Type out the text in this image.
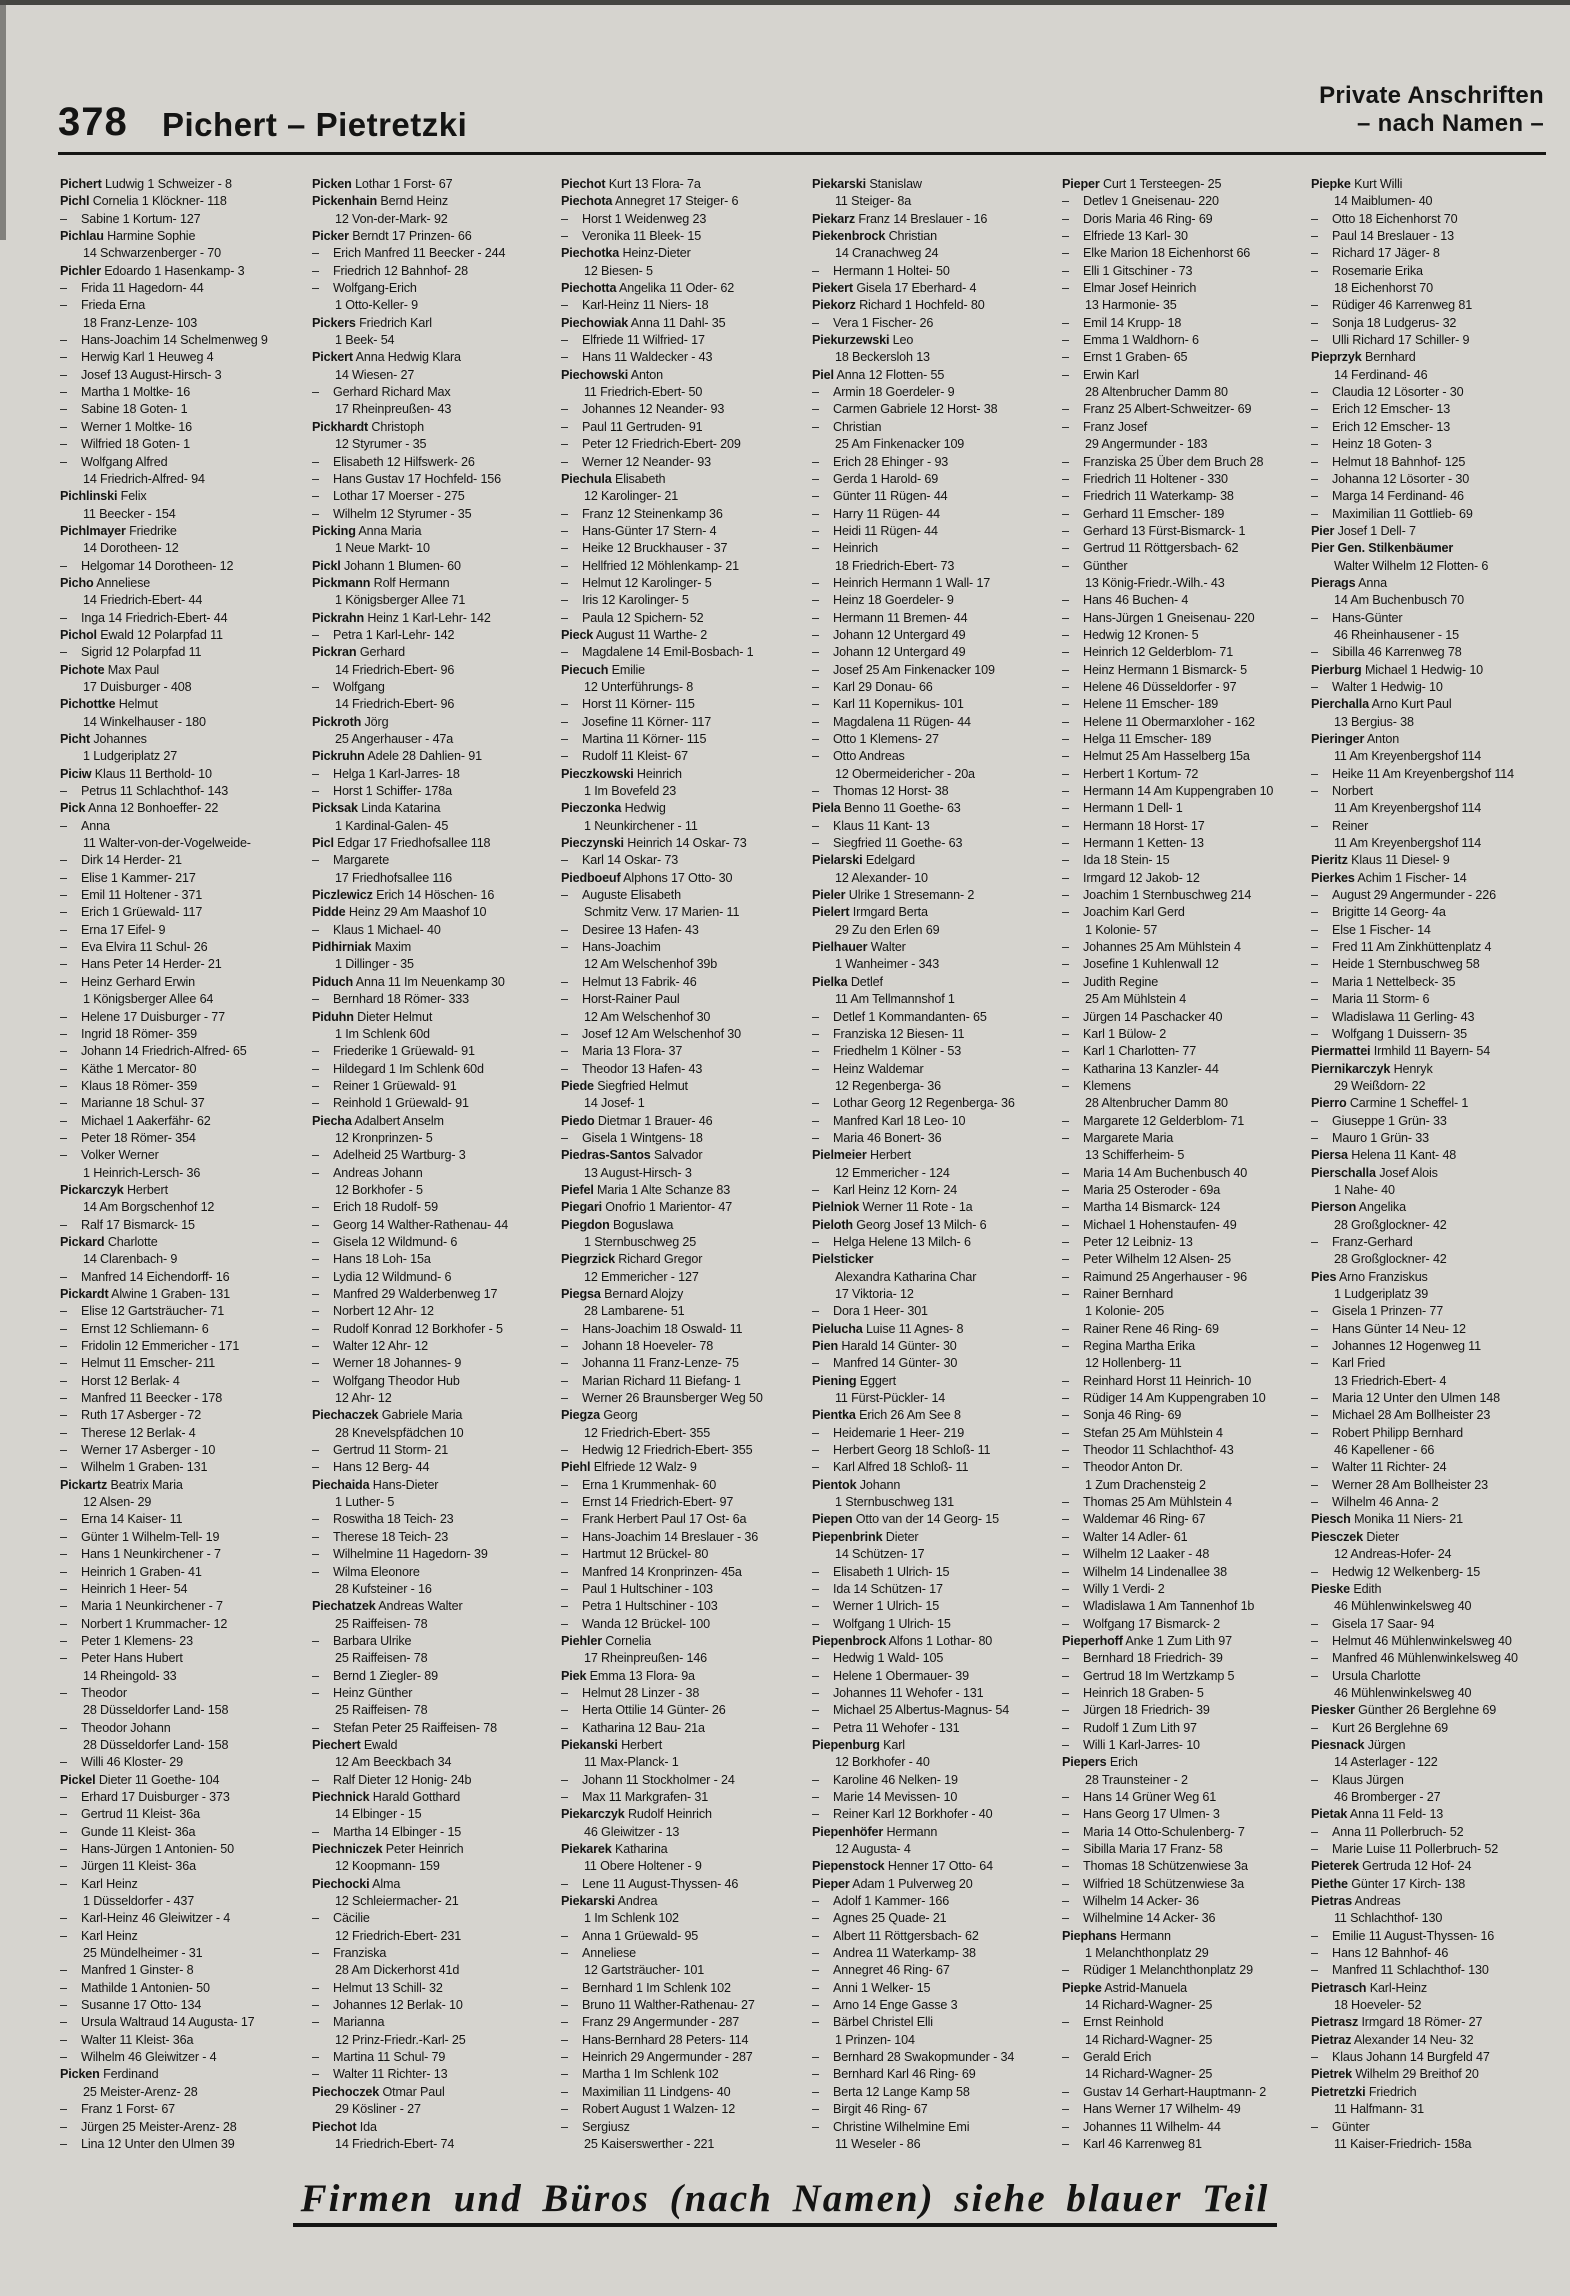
378 Pichert – Pietretzki
Private Anschriften
– nach Namen –
Pichert Ludwig 1 Schweizer - 8
Pichl Cornelia 1 Klöckner- 118
–	Sabine 1 Kortum- 127
Pichlau Harmine Sophie
14 Schwarzenberger - 70
Pichler Edoardo 1 Hasenkamp- 3
–	Frida 11 Hagedorn- 44
–	Frieda Erna
18 Franz-Lenze- 103
–	Hans-Joachim 14 Schelmenweg 9
–	Herwig Karl 1 Heuweg 4
–	Josef 13 August-Hirsch- 3
–	Martha 1 Moltke- 16
–	Sabine 18 Goten- 1
–	Werner 1 Moltke- 16
–	Wilfried 18 Goten- 1
–	Wolfgang Alfred
14 Friedrich-Alfred- 94
Pichlinski Felix
11 Beecker - 154
Pichlmayer Friedrike
14 Dorotheen- 12
–	Helgomar 14 Dorotheen- 12
Picho Anneliese
14 Friedrich-Ebert- 44
–	Inga 14 Friedrich-Ebert- 44
Pichol Ewald 12 Polarpfad 11
–	Sigrid 12 Polarpfad 11
Pichote Max Paul
17 Duisburger - 408
Pichottke Helmut
14 Winkelhauser - 180
Picht Johannes
1 Ludgeriplatz 27
Piciw Klaus 11 Berthold- 10
–	Petrus 11 Schlachthof- 143
Pick Anna 12 Bonhoeffer- 22
–	Anna
11 Walter-von-der-Vogelweide-
–	Dirk 14 Herder- 21
–	Elise 1 Kammer- 217
–	Emil 11 Holtener - 371
–	Erich 1 Grüewald- 117
–	Erna 17 Eifel- 9
–	Eva Elvira 11 Schul- 26
–	Hans Peter 14 Herder- 21
–	Heinz Gerhard Erwin
1 Königsberger Allee 64
–	Helene 17 Duisburger - 77
–	Ingrid 18 Römer- 359
–	Johann 14 Friedrich-Alfred- 65
–	Käthe 1 Mercator- 80
–	Klaus 18 Römer- 359
–	Marianne 18 Schul- 37
–	Michael 1 Aakerfähr- 62
–	Peter 18 Römer- 354
–	Volker Werner
1 Heinrich-Lersch- 36
Pickarczyk Herbert
14 Am Borgschenhof 12
–	Ralf 17 Bismarck- 15
Pickard Charlotte
14 Clarenbach- 9
–	Manfred 14 Eichendorff- 16
Pickardt Alwine 1 Graben- 131
–	Elise 12 Gartsträucher- 71
–	Ernst 12 Schliemann- 6
–	Fridolin 12 Emmericher - 171
–	Helmut 11 Emscher- 211
–	Horst 12 Berlak- 4
–	Manfred 11 Beecker - 178
–	Ruth 17 Asberger - 72
–	Therese 12 Berlak- 4
–	Werner 17 Asberger - 10
–	Wilhelm 1 Graben- 131
Pickartz Beatrix Maria
12 Alsen- 29
–	Erna 14 Kaiser- 11
–	Günter 1 Wilhelm-Tell- 19
–	Hans 1 Neunkirchener - 7
–	Heinrich 1 Graben- 41
–	Heinrich 1 Heer- 54
–	Maria 1 Neunkirchener - 7
–	Norbert 1 Krummacher- 12
–	Peter 1 Klemens- 23
–	Peter Hans Hubert
14 Rheingold- 33
–	Theodor
28 Düsseldorfer Land- 158
–	Theodor Johann
28 Düsseldorfer Land- 158
–	Willi 46 Kloster- 29
Pickel Dieter 11 Goethe- 104
–	Erhard 17 Duisburger - 373
–	Gertrud 11 Kleist- 36a
–	Gunde 11 Kleist- 36a
–	Hans-Jürgen 1 Antonien- 50
–	Jürgen 11 Kleist- 36a
–	Karl Heinz
1 Düsseldorfer - 437
–	Karl-Heinz 46 Gleiwitzer - 4
–	Karl Heinz
25 Mündelheimer - 31
–	Manfred 1 Ginster- 8
–	Mathilde 1 Antonien- 50
–	Susanne 17 Otto- 134
–	Ursula Waltraud 14 Augusta- 17
–	Walter 11 Kleist- 36a
–	Wilhelm 46 Gleiwitzer - 4
Picken Ferdinand
25 Meister-Arenz- 28
–	Franz 1 Forst- 67
–	Jürgen 25 Meister-Arenz- 28
–	Lina 12 Unter den Ulmen 39
Picken Lothar 1 Forst- 67
Pickenhain Bernd Heinz
12 Von-der-Mark- 92
Picker Berndt 17 Prinzen- 66
–	Erich Manfred 11 Beecker - 244
–	Friedrich 12 Bahnhof- 28
–	Wolfgang-Erich
1 Otto-Keller- 9
Pickers Friedrich Karl
1 Beek- 54
Pickert Anna Hedwig Klara
14 Wiesen- 27
–	Gerhard Richard Max
17 Rheinpreußen- 43
Pickhardt Christoph
12 Styrumer - 35
–	Elisabeth 12 Hilfswerk- 26
–	Hans Gustav 17 Hochfeld- 156
–	Lothar 17 Moerser - 275
–	Wilhelm 12 Styrumer - 35
Picking Anna Maria
1 Neue Markt- 10
Pickl Johann 1 Blumen- 60
Pickmann Rolf Hermann
1 Königsberger Allee 71
Pickrahn Heinz 1 Karl-Lehr- 142
–	Petra 1 Karl-Lehr- 142
Pickran Gerhard
14 Friedrich-Ebert- 96
–	Wolfgang
14 Friedrich-Ebert- 96
Pickroth Jörg
25 Angerhauser - 47a
Pickruhn Adele 28 Dahlien- 91
–	Helga 1 Karl-Jarres- 18
–	Horst 1 Schiffer- 178a
Picksak Linda Katarina
1 Kardinal-Galen- 45
Picl Edgar 17 Friedhofsallee 118
–	Margarete
17 Friedhofsallee 116
Piczlewicz Erich 14 Höschen- 16
Pidde Heinz 29 Am Maashof 10
–	Klaus 1 Michael- 40
Pidhirniak Maxim
1 Dillinger - 35
Piduch Anna 11 Im Neuenkamp 30
–	Bernhard 18 Römer- 333
Piduhn Dieter Helmut
1 Im Schlenk 60d
–	Friederike 1 Grüewald- 91
–	Hildegard 1 Im Schlenk 60d
–	Reiner 1 Grüewald- 91
–	Reinhold 1 Grüewald- 91
Piecha Adalbert Anselm
12 Kronprinzen- 5
–	Adelheid 25 Wartburg- 3
–	Andreas Johann
12 Borkhofer - 5
–	Erich 18 Rudolf- 59
–	Georg 14 Walther-Rathenau- 44
–	Gisela 12 Wildmund- 6
–	Hans 18 Loh- 15a
–	Lydia 12 Wildmund- 6
–	Manfred 29 Walderbenweg 17
–	Norbert 12 Ahr- 12
–	Rudolf Konrad 12 Borkhofer - 5
–	Walter 12 Ahr- 12
–	Werner 18 Johannes- 9
–	Wolfgang Theodor Hub
12 Ahr- 12
Piechaczek Gabriele Maria
28 Knevelspfädchen 10
–	Gertrud 11 Storm- 21
–	Hans 12 Berg- 44
Piechaida Hans-Dieter
1 Luther- 5
–	Roswitha 18 Teich- 23
–	Therese 18 Teich- 23
–	Wilhelmine 11 Hagedorn- 39
–	Wilma Eleonore
28 Kufsteiner - 16
Piechatzek Andreas Walter
25 Raiffeisen- 78
–	Barbara Ulrike
25 Raiffeisen- 78
–	Bernd 1 Ziegler- 89
–	Heinz Günther
25 Raiffeisen- 78
–	Stefan Peter 25 Raiffeisen- 78
Piechert Ewald
12 Am Beeckbach 34
–	Ralf Dieter 12 Honig- 24b
Piechnick Harald Gotthard
14 Elbinger - 15
–	Martha 14 Elbinger - 15
Piechniczek Peter Heinrich
12 Koopmann- 159
Piechocki Alma
12 Schleiermacher- 21
–	Cäcilie
12 Friedrich-Ebert- 231
–	Franziska
28 Am Dickerhorst 41d
–	Helmut 13 Schill- 32
–	Johannes 12 Berlak- 10
–	Marianna
12 Prinz-Friedr.-Karl- 25
–	Martina 11 Schul- 79
–	Walter 11 Richter- 13
Piechoczek Otmar Paul
29 Kösliner - 27
Piechot Ida
14 Friedrich-Ebert- 74
Piechot Kurt 13 Flora- 7a
Piechota Annegret 17 Steiger- 6
–	Horst 1 Weidenweg 23
–	Veronika 11 Bleek- 15
Piechotka Heinz-Dieter
12 Biesen- 5
Piechotta Angelika 11 Oder- 62
–	Karl-Heinz 11 Niers- 18
Piechowiak Anna 11 Dahl- 35
–	Elfriede 11 Wilfried- 17
–	Hans 11 Waldecker - 43
Piechowski Anton
11 Friedrich-Ebert- 50
–	Johannes 12 Neander- 93
–	Paul 11 Gertruden- 91
–	Peter 12 Friedrich-Ebert- 209
–	Werner 12 Neander- 93
Piechula Elisabeth
12 Karolinger- 21
–	Franz 12 Steinenkamp 36
–	Hans-Günter 17 Stern- 4
–	Heike 12 Bruckhauser - 37
–	Hellfried 12 Möhlenkamp- 21
–	Helmut 12 Karolinger- 5
–	Iris 12 Karolinger- 5
–	Paula 12 Spichern- 52
Pieck August 11 Warthe- 2
–	Magdalene 14 Emil-Bosbach- 1
Piecuch Emilie
12 Unterführungs- 8
–	Horst 11 Körner- 115
–	Josefine 11 Körner- 117
–	Martina 11 Körner- 115
–	Rudolf 11 Kleist- 67
Pieczkowski Heinrich
1 Im Bovefeld 23
Pieczonka Hedwig
1 Neunkirchener - 11
Pieczynski Heinrich 14 Oskar- 73
–	Karl 14 Oskar- 73
Piedboeuf Alphons 17 Otto- 30
–	Auguste Elisabeth
Schmitz Verw. 17 Marien- 11
–	Desiree 13 Hafen- 43
–	Hans-Joachim
12 Am Welschenhof 39b
–	Helmut 13 Fabrik- 46
–	Horst-Rainer Paul
12 Am Welschenhof 30
–	Josef 12 Am Welschenhof 30
–	Maria 13 Flora- 37
–	Theodor 13 Hafen- 43
Piede Siegfried Helmut
14 Josef- 1
Piedo Dietmar 1 Brauer- 46
–	Gisela 1 Wintgens- 18
Piedras-Santos Salvador
13 August-Hirsch- 3
Piefel Maria 1 Alte Schanze 83
Piegari Onofrio 1 Marientor- 47
Piegdon Boguslawa
1 Sternbuschweg 25
Piegrzick Richard Gregor
12 Emmericher - 127
Piegsa Bernard Alojzy
28 Lambarene- 51
–	Hans-Joachim 18 Oswald- 11
–	Johann 18 Hoeveler- 78
–	Johanna 11 Franz-Lenze- 75
–	Marian Richard 11 Biefang- 1
–	Werner 26 Braunsberger Weg 50
Piegza Georg
12 Friedrich-Ebert- 355
–	Hedwig 12 Friedrich-Ebert- 355
Piehl Elfriede 12 Walz- 9
–	Erna 1 Krummenhak- 60
–	Ernst 14 Friedrich-Ebert- 97
–	Frank Herbert Paul 17 Ost- 6a
–	Hans-Joachim 14 Breslauer - 36
–	Hartmut 12 Brückel- 80
–	Manfred 14 Kronprinzen- 45a
–	Paul 1 Hultschiner - 103
–	Petra 1 Hultschiner - 103
–	Wanda 12 Brückel- 100
Piehler Cornelia
17 Rheinpreußen- 146
Piek Emma 13 Flora- 9a
–	Helmut 28 Linzer - 38
–	Herta Ottilie 14 Günter- 26
–	Katharina 12 Bau- 21a
Piekanski Herbert
11 Max-Planck- 1
–	Johann 11 Stockholmer - 24
–	Max 11 Markgrafen- 31
Piekarczyk Rudolf Heinrich
46 Gleiwitzer - 13
Piekarek Katharina
11 Obere Holtener - 9
–	Lene 11 August-Thyssen- 46
Piekarski Andrea
1 Im Schlenk 102
–	Anna 1 Grüewald- 95
–	Anneliese
12 Gartsträucher- 101
–	Bernhard 1 Im Schlenk 102
–	Bruno 11 Walther-Rathenau- 27
–	Franz 29 Angermunder - 287
–	Hans-Bernhard 28 Peters- 114
–	Heinrich 29 Angermunder - 287
–	Martha 1 Im Schlenk 102
–	Maximilian 11 Lindgens- 40
–	Robert August 1 Walzen- 12
–	Sergiusz
25 Kaiserswerther - 221
Piekarski Stanislaw
11 Steiger- 8a
Piekarz Franz 14 Breslauer - 16
Piekenbrock Christian
14 Cranachweg 24
–	Hermann 1 Holtei- 50
Piekert Gisela 17 Eberhard- 4
Piekorz Richard 1 Hochfeld- 80
–	Vera 1 Fischer- 26
Piekurzewski Leo
18 Beckersloh 13
Piel Anna 12 Flotten- 55
–	Armin 18 Goerdeler- 9
–	Carmen Gabriele 12 Horst- 38
–	Christian
25 Am Finkenacker 109
–	Erich 28 Ehinger - 93
–	Gerda 1 Harold- 69
–	Günter 11 Rügen- 44
–	Harry 11 Rügen- 44
–	Heidi 11 Rügen- 44
–	Heinrich
18 Friedrich-Ebert- 73
–	Heinrich Hermann 1 Wall- 17
–	Heinz 18 Goerdeler- 9
–	Hermann 11 Bremen- 44
–	Johann 12 Untergard 49
–	Johann 12 Untergard 49
–	Josef 25 Am Finkenacker 109
–	Karl 29 Donau- 66
–	Karl 11 Kopernikus- 101
–	Magdalena 11 Rügen- 44
–	Otto 1 Klemens- 27
–	Otto Andreas
12 Obermeidericher - 20a
–	Thomas 12 Horst- 38
Piela Benno 11 Goethe- 63
–	Klaus 11 Kant- 13
–	Siegfried 11 Goethe- 63
Pielarski Edelgard
12 Alexander- 10
Pieler Ulrike 1 Stresemann- 2
Pielert Irmgard Berta
29 Zu den Erlen 69
Pielhauer Walter
1 Wanheimer - 343
Pielka Detlef
11 Am Tellmannshof 1
–	Detlef 1 Kommandanten- 65
–	Franziska 12 Biesen- 11
–	Friedhelm 1 Kölner - 53
–	Heinz Waldemar
12 Regenberga- 36
–	Lothar Georg 12 Regenberga- 36
–	Manfred Karl 18 Leo- 10
–	Maria 46 Bonert- 36
Pielmeier Herbert
12 Emmericher - 124
–	Karl Heinz 12 Korn- 24
Pielniok Werner 11 Rote - 1a
Pieloth Georg Josef 13 Milch- 6
–	Helga Helene 13 Milch- 6
Pielsticker
Alexandra Katharina Char
17 Viktoria- 12
–	Dora 1 Heer- 301
Pielucha Luise 11 Agnes- 8
Pien Harald 14 Günter- 30
–	Manfred 14 Günter- 30
Piening Eggert
11 Fürst-Pückler- 14
Pientka Erich 26 Am See 8
–	Heidemarie 1 Heer- 219
–	Herbert Georg 18 Schloß- 11
–	Karl Alfred 18 Schloß- 11
Pientok Johann
1 Sternbuschweg 131
Piepen Otto van der 14 Georg- 15
Piepenbrink Dieter
14 Schützen- 17
–	Elisabeth 1 Ulrich- 15
–	Ida 14 Schützen- 17
–	Werner 1 Ulrich- 15
–	Wolfgang 1 Ulrich- 15
Piepenbrock Alfons 1 Lothar- 80
–	Hedwig 1 Wald- 105
–	Helene 1 Obermauer- 39
–	Johannes 11 Wehofer - 131
–	Michael 25 Albertus-Magnus- 54
–	Petra 11 Wehofer - 131
Piepenburg Karl
12 Borkhofer - 40
–	Karoline 46 Nelken- 19
–	Marie 14 Mevissen- 10
–	Reiner Karl 12 Borkhofer - 40
Piepenhöfer Hermann
12 Augusta- 4
Piepenstock Henner 17 Otto- 64
Pieper Adam 1 Pulverweg 20
–	Adolf 1 Kammer- 166
–	Agnes 25 Quade- 21
–	Albert 11 Röttgersbach- 62
–	Andrea 11 Waterkamp- 38
–	Annegret 46 Ring- 67
–	Anni 1 Welker- 15
–	Arno 14 Enge Gasse 3
–	Bärbel Christel Elli
1 Prinzen- 104
–	Bernhard 28 Swakopmunder - 34
–	Bernhard Karl 46 Ring- 69
–	Berta 12 Lange Kamp 58
–	Birgit 46 Ring- 67
–	Christine Wilhelmine Emi
11 Weseler - 86
Pieper Curt 1 Tersteegen- 25
–	Detlev 1 Gneisenau- 220
–	Doris Maria 46 Ring- 69
–	Elfriede 13 Karl- 30
–	Elke Marion 18 Eichenhorst 66
–	Elli 1 Gitschiner - 73
–	Elmar Josef Heinrich
13 Harmonie- 35
–	Emil 14 Krupp- 18
–	Emma 1 Waldhorn- 6
–	Ernst 1 Graben- 65
–	Erwin Karl
28 Altenbrucher Damm 80
–	Franz 25 Albert-Schweitzer- 69
–	Franz Josef
29 Angermunder - 183
–	Franziska 25 Über dem Bruch 28
–	Friedrich 11 Holtener - 330
–	Friedrich 11 Waterkamp- 38
–	Gerhard 11 Emscher- 189
–	Gerhard 13 Fürst-Bismarck- 1
–	Gertrud 11 Röttgersbach- 62
–	Günther
13 König-Friedr.-Wilh.- 43
–	Hans 46 Buchen- 4
–	Hans-Jürgen 1 Gneisenau- 220
–	Hedwig 12 Kronen- 5
–	Heinrich 12 Gelderblom- 71
–	Heinz Hermann 1 Bismarck- 5
–	Helene 46 Düsseldorfer - 97
–	Helene 11 Emscher- 189
–	Helene 11 Obermarxloher - 162
–	Helga 11 Emscher- 189
–	Helmut 25 Am Hasselberg 15a
–	Herbert 1 Kortum- 72
–	Hermann 14 Am Kuppengraben 10
–	Hermann 1 Dell- 1
–	Hermann 18 Horst- 17
–	Hermann 1 Ketten- 13
–	Ida 18 Stein- 15
–	Irmgard 12 Jakob- 12
–	Joachim 1 Sternbuschweg 214
–	Joachim Karl Gerd
1 Kolonie- 57
–	Johannes 25 Am Mühlstein 4
–	Josefine 1 Kuhlenwall 12
–	Judith Regine
25 Am Mühlstein 4
–	Jürgen 14 Paschacker 40
–	Karl 1 Bülow- 2
–	Karl 1 Charlotten- 77
–	Katharina 13 Kanzler- 44
–	Klemens
28 Altenbrucher Damm 80
–	Margarete 12 Gelderblom- 71
–	Margarete Maria
13 Schifferheim- 5
–	Maria 14 Am Buchenbusch 40
–	Maria 25 Osteroder - 69a
–	Martha 14 Bismarck- 124
–	Michael 1 Hohenstaufen- 49
–	Peter 12 Leibniz- 13
–	Peter Wilhelm 12 Alsen- 25
–	Raimund 25 Angerhauser - 96
–	Rainer Bernhard
1 Kolonie- 205
–	Rainer Rene 46 Ring- 69
–	Regina Martha Erika
12 Hollenberg- 11
–	Reinhard Horst 11 Heinrich- 10
–	Rüdiger 14 Am Kuppengraben 10
–	Sonja 46 Ring- 69
–	Stefan 25 Am Mühlstein 4
–	Theodor 11 Schlachthof- 43
–	Theodor Anton Dr.
1 Zum Drachensteig 2
–	Thomas 25 Am Mühlstein 4
–	Waldemar 46 Ring- 67
–	Walter 14 Adler- 61
–	Wilhelm 12 Laaker - 48
–	Wilhelm 14 Lindenallee 38
–	Willy 1 Verdi- 2
–	Wladislawa 1 Am Tannenhof 1b
–	Wolfgang 17 Bismarck- 2
Pieperhoff Anke 1 Zum Lith 97
–	Bernhard 18 Friedrich- 39
–	Gertrud 18 Im Wertzkamp 5
–	Heinrich 18 Graben- 5
–	Jürgen 18 Friedrich- 39
–	Rudolf 1 Zum Lith 97
–	Willi 1 Karl-Jarres- 10
Piepers Erich
28 Traunsteiner - 2
–	Hans 14 Grüner Weg 61
–	Hans Georg 17 Ulmen- 3
–	Maria 14 Otto-Schulenberg- 7
–	Sibilla Maria 17 Franz- 58
–	Thomas 18 Schützenwiese 3a
–	Wilfried 18 Schützenwiese 3a
–	Wilhelm 14 Acker- 36
–	Wilhelmine 14 Acker- 36
Piephans Hermann
1 Melanchthonplatz 29
–	Rüdiger 1 Melanchthonplatz 29
Piepke Astrid-Manuela
14 Richard-Wagner- 25
–	Ernst Reinhold
14 Richard-Wagner- 25
–	Gerald Erich
14 Richard-Wagner- 25
–	Gustav 14 Gerhart-Hauptmann- 2
–	Hans Werner 17 Wilhelm- 49
–	Johannes 11 Wilhelm- 44
–	Karl 46 Karrenweg 81
Piepke Kurt Willi
14 Maiblumen- 40
–	Otto 18 Eichenhorst 70
–	Paul 14 Breslauer - 13
–	Richard 17 Jäger- 8
–	Rosemarie Erika
18 Eichenhorst 70
–	Rüdiger 46 Karrenweg 81
–	Sonja 18 Ludgerus- 32
–	Ulli Richard 17 Schiller- 9
Pieprzyk Bernhard
14 Ferdinand- 46
–	Claudia 12 Lösorter - 30
–	Erich 12 Emscher- 13
–	Erich 12 Emscher- 13
–	Heinz 18 Goten- 3
–	Helmut 18 Bahnhof- 125
–	Johanna 12 Lösorter - 30
–	Marga 14 Ferdinand- 46
–	Maximilian 11 Gottlieb- 69
Pier Josef 1 Dell- 7
Pier Gen. Stilkenbäumer
Walter Wilhelm 12 Flotten- 6
Pierags Anna
14 Am Buchenbusch 70
–	Hans-Günter
46 Rheinhausener - 15
–	Sibilla 46 Karrenweg 78
Pierburg Michael 1 Hedwig- 10
–	Walter 1 Hedwig- 10
Pierchalla Arno Kurt Paul
13 Bergius- 38
Pieringer Anton
11 Am Kreyenbergshof 114
–	Heike 11 Am Kreyenbergshof 114
–	Norbert
11 Am Kreyenbergshof 114
–	Reiner
11 Am Kreyenbergshof 114
Pieritz Klaus 11 Diesel- 9
Pierkes Achim 1 Fischer- 14
–	August 29 Angermunder - 226
–	Brigitte 14 Georg- 4a
–	Else 1 Fischer- 14
–	Fred 11 Am Zinkhüttenplatz 4
–	Heide 1 Sternbuschweg 58
–	Maria 1 Nettelbeck- 35
–	Maria 11 Storm- 6
–	Wladislawa 11 Gerling- 43
–	Wolfgang 1 Duissern- 35
Piermattei Irmhild 11 Bayern- 54
Piernikarczyk Henryk
29 Weißdorn- 22
Pierro Carmine 1 Scheffel- 1
–	Giuseppe 1 Grün- 33
–	Mauro 1 Grün- 33
Piersa Helena 11 Kant- 48
Pierschalla Josef Alois
1 Nahe- 40
Pierson Angelika
28 Großglockner- 42
–	Franz-Gerhard
28 Großglockner- 42
Pies Arno Franziskus
1 Ludgeriplatz 39
–	Gisela 1 Prinzen- 77
–	Hans Günter 14 Neu- 12
–	Johannes 12 Hogenweg 11
–	Karl Fried
13 Friedrich-Ebert- 4
–	Maria 12 Unter den Ulmen 148
–	Michael 28 Am Bollheister 23
–	Robert Philipp Bernhard
46 Kapellener - 66
–	Walter 11 Richter- 24
–	Werner 28 Am Bollheister 23
–	Wilhelm 46 Anna- 2
Piesch Monika 11 Niers- 21
Piesczek Dieter
12 Andreas-Hofer- 24
–	Hedwig 12 Welkenberg- 15
Pieske Edith
46 Mühlenwinkelsweg 40
–	Gisela 17 Saar- 94
–	Helmut 46 Mühlenwinkelsweg 40
–	Manfred 46 Mühlenwinkelsweg 40
–	Ursula Charlotte
46 Mühlenwinkelsweg 40
Piesker Günther 26 Berglehne 69
–	Kurt 26 Berglehne 69
Piesnack Jürgen
14 Asterlager - 122
–	Klaus Jürgen
46 Bromberger - 27
Pietak Anna 11 Feld- 13
–	Anna 11 Pollerbruch- 52
–	Marie Luise 11 Pollerbruch- 52
Pieterek Gertruda 12 Hof- 24
Piethe Günter 17 Kirch- 138
Pietras Andreas
11 Schlachthof- 130
–	Emilie 11 August-Thyssen- 16
–	Hans 12 Bahnhof- 46
–	Manfred 11 Schlachthof- 130
Pietrasch Karl-Heinz
18 Hoeveler- 52
Pietrasz Irmgard 18 Römer- 27
Pietraz Alexander 14 Neu- 32
–	Klaus Johann 14 Burgfeld 47
Pietrek Wilhelm 29 Breithof 20
Pietretzki Friedrich
11 Halfmann- 31
–	Günter
11 Kaiser-Friedrich- 158a
Firmen und Büros (nach Namen) siehe blauer Teil
